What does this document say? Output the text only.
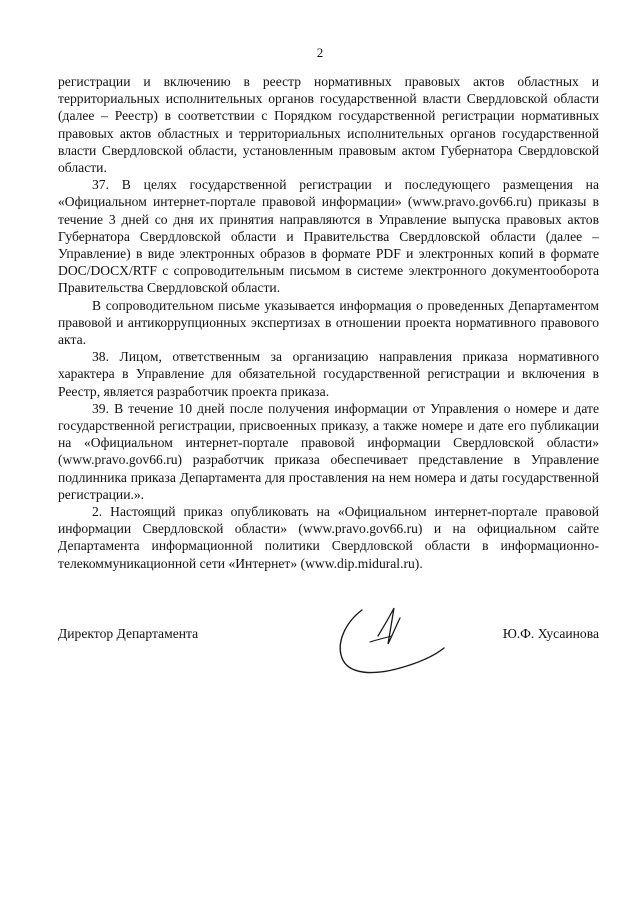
2

регистрации и включению в реестр нормативных правовых актов областных и территориальных исполнительных органов государственной власти Свердловской области (далее – Реестр) в соответствии с Порядком государственной регистрации нормативных правовых актов областных и территориальных исполнительных органов государственной власти Свердловской области, установленным правовым актом Губернатора Свердловской области.

37. В целях государственной регистрации и последующего размещения на «Официальном интернет-портале правовой информации» (www.pravo.gov66.ru) приказы в течение 3 дней со дня их принятия направляются в Управление выпуска правовых актов Губернатора Свердловской области и Правительства Свердловской области (далее – Управление) в виде электронных образов в формате PDF и электронных копий в формате DOC/DOCX/RTF с сопроводительным письмом в системе электронного документооборота Правительства Свердловской области.

В сопроводительном письме указывается информация о проведенных Департаментом правовой и антикоррупционных экспертизах в отношении проекта нормативного правового акта.

38. Лицом, ответственным за организацию направления приказа нормативного характера в Управление для обязательной государственной регистрации и включения в Реестр, является разработчик проекта приказа.

39. В течение 10 дней после получения информации от Управления о номере и дате государственной регистрации, присвоенных приказу, а также номере и дате его публикации на «Официальном интернет-портале правовой информации Свердловской области» (www.pravo.gov66.ru) разработчик приказа обеспечивает представление в Управление подлинника приказа Департамента для проставления на нем номера и даты государственной регистрации.».

2. Настоящий приказ опубликовать на «Официальном интернет-портале правовой информации Свердловской области» (www.pravo.gov66.ru) и на официальном сайте Департамента информационной политики Свердловской области в информационно-телекоммуникационной сети «Интернет» (www.dip.midural.ru).

Директор Департамента	Ю.Ф. Хусаинова
